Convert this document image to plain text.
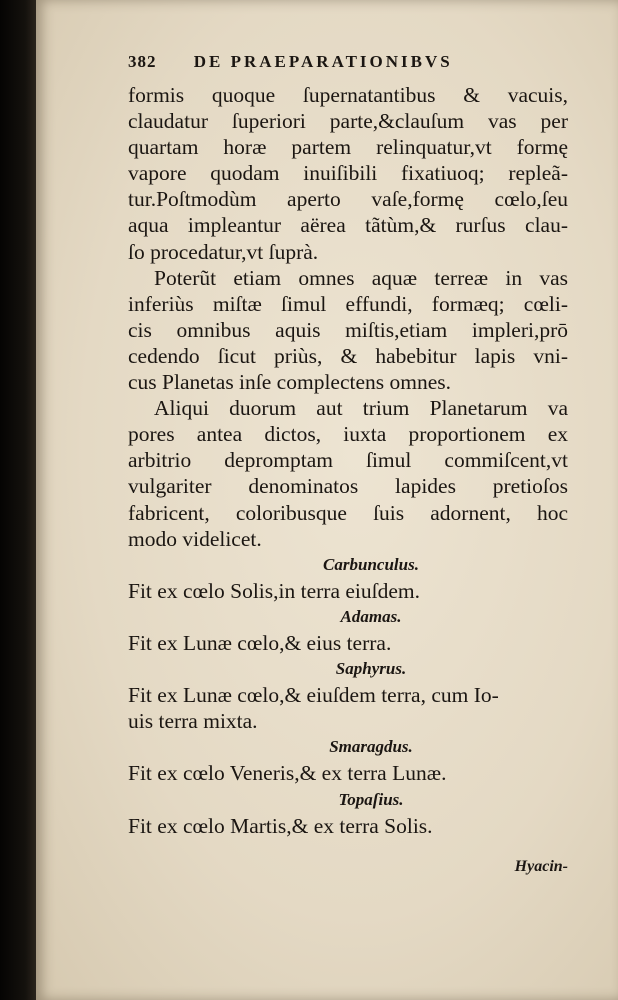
382 DE PRAEPARATIONIBVS
formis quoque ſupernatantibus & vacuis,
claudatur ſuperiori parte,&clauſum vas per
quartam horæ partem relinquatur,vt formę
vapore quodam inuiſibili fixatiuoq; repleã-
tur.Poſtmodùm aperto vaſe,formę cœlo,ſeu
aqua impleantur aërea tãtùm,& rurſus clau-
ſo procedatur,vt ſuprà.
Poterũt etiam omnes aquæ terreæ in vas
inferiùs miſtæ ſimul effundi, formæq; cœli-
cis omnibus aquis miſtis,etiam impleri,prō
cedendo ſicut priùs, & habebitur lapis vni-
cus Planetas inſe complectens omnes.
Aliqui duorum aut trium Planetarum va
pores antea dictos, iuxta proportionem ex
arbitrio depromptam ſimul commiſcent,vt
vulgariter denominatos lapides pretioſos
fabricent, coloribusque ſuis adornent, hoc
modo videlicet.
Carbunculus.
Fit ex cœlo Solis,in terra eiuſdem.
Adamas.
Fit ex Lunæ cœlo,& eius terra.
Saphyrus.
Fit ex Lunæ cœlo,& eiuſdem terra, cum Io-
uis terra mixta.
Smaragdus.
Fit ex cœlo Veneris,& ex terra Lunæ.
Topaſius.
Fit ex cœlo Martis,& ex terra Solis.
Hyacin-
